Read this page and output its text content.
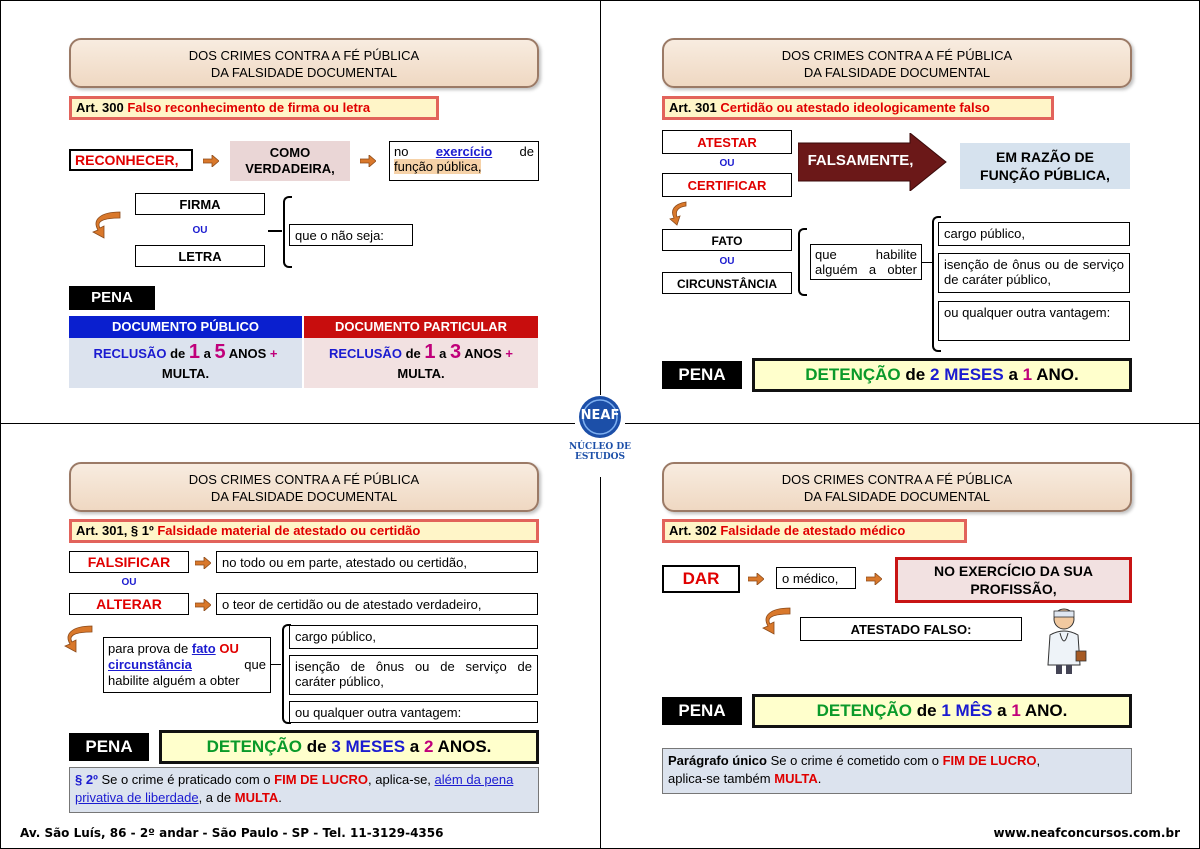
DOS CRIMES CONTRA A FÉ PÚBLICA
DA FALSIDADE DOCUMENTAL
Art. 300 Falso reconhecimento de firma ou letra
RECONHECER,	COMO VERDADEIRA,
no exercício de
função pública,
FIRMA
OU
LETRA
que o não seja:
PENA
DOCUMENTO PÚBLICO	DOCUMENTO PARTICULAR
RECLUSÃO de 1 a 5 ANOS +
MULTA.
RECLUSÃO de 1 a 3 ANOS +
MULTA.
DOS CRIMES CONTRA A FÉ PÚBLICA
DA FALSIDADE DOCUMENTAL
Art. 301 Certidão ou atestado ideologicamente falso
ATESTAR
OU
CERTIFICAR
FALSAMENTE,	EM RAZÃO DE FUNÇÃO PÚBLICA,
FATO
OU
CIRCUNSTÂNCIA
que habilite alguém a obter
cargo público,
isenção de ônus ou de serviço de caráter público,
ou qualquer outra vantagem:
PENA	DETENÇÃO de 2 MESES a 1 ANO.
DOS CRIMES CONTRA A FÉ PÚBLICA
DA FALSIDADE DOCUMENTAL
Art. 301, § 1º Falsidade material de atestado ou certidão
FALSIFICAR	no todo ou em parte, atestado ou certidão,
OU
ALTERAR	o teor de certidão ou de atestado verdadeiro,
para prova de fato OU
circunstância	que

habilite alguém a obter
cargo público,
isenção de ônus ou de serviço de caráter público,
ou qualquer outra vantagem:
PENA	DETENÇÃO de 3 MESES a 2 ANOS.
§ 2º Se o crime é praticado com o FIM DE LUCRO, aplica-se, além da pena privativa de liberdade, a de MULTA.
DOS CRIMES CONTRA A FÉ PÚBLICA
DA FALSIDADE DOCUMENTAL
Art. 302 Falsidade de atestado médico
DAR	o médico,	NO EXERCÍCIO DA SUA PROFISSÃO,
ATESTADO FALSO:
PENA	DETENÇÃO de 1 MÊS a 1 ANO.
Parágrafo único Se o crime é cometido com o FIM DE LUCRO,
aplica-se também MULTA.
NEAF
NÚCLEO DE
ESTUDOS
Av. São Luís, 86 - 2º andar - São Paulo - SP - Tel. 11-3129-4356	www.neafconcursos.com.br
